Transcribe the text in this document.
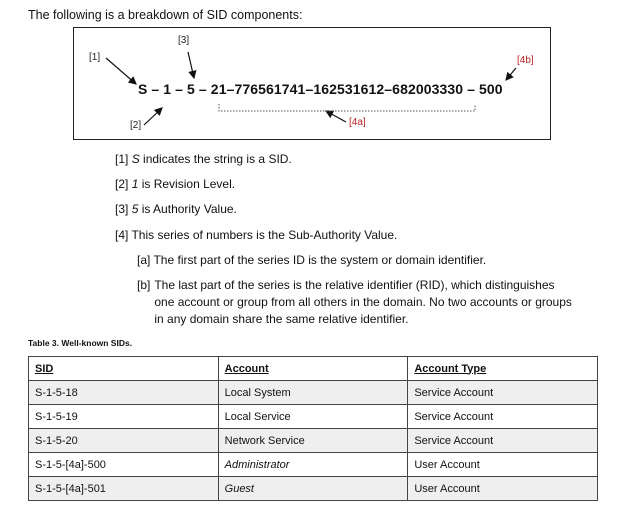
The following is a breakdown of SID components:
[1]
[3]
[2]
[4b]
[4a]
S – 1 – 5 – 21–776561741–162531612–682003330 – 500
[1] S indicates the string is a SID.
[2] 1 is Revision Level.
[3] 5 is Authority Value.
[4] This series of numbers is the Sub-Authority Value.
[a] The first part of the series ID is the system or domain identifier.
[b] The last part of the series is the relative identifier (RID), which distinguishes one account or group from all others in the domain. No two accounts or groups in any domain share the same relative identifier.
Table 3. Well-known SIDs.
SID	Account	Account Type
S-1-5-18	Local System	Service Account
S-1-5-19	Local Service	Service Account
S-1-5-20	Network Service	Service Account
S-1-5-[4a]-500	Administrator	User Account
S-1-5-[4a]-501	Guest	User Account
